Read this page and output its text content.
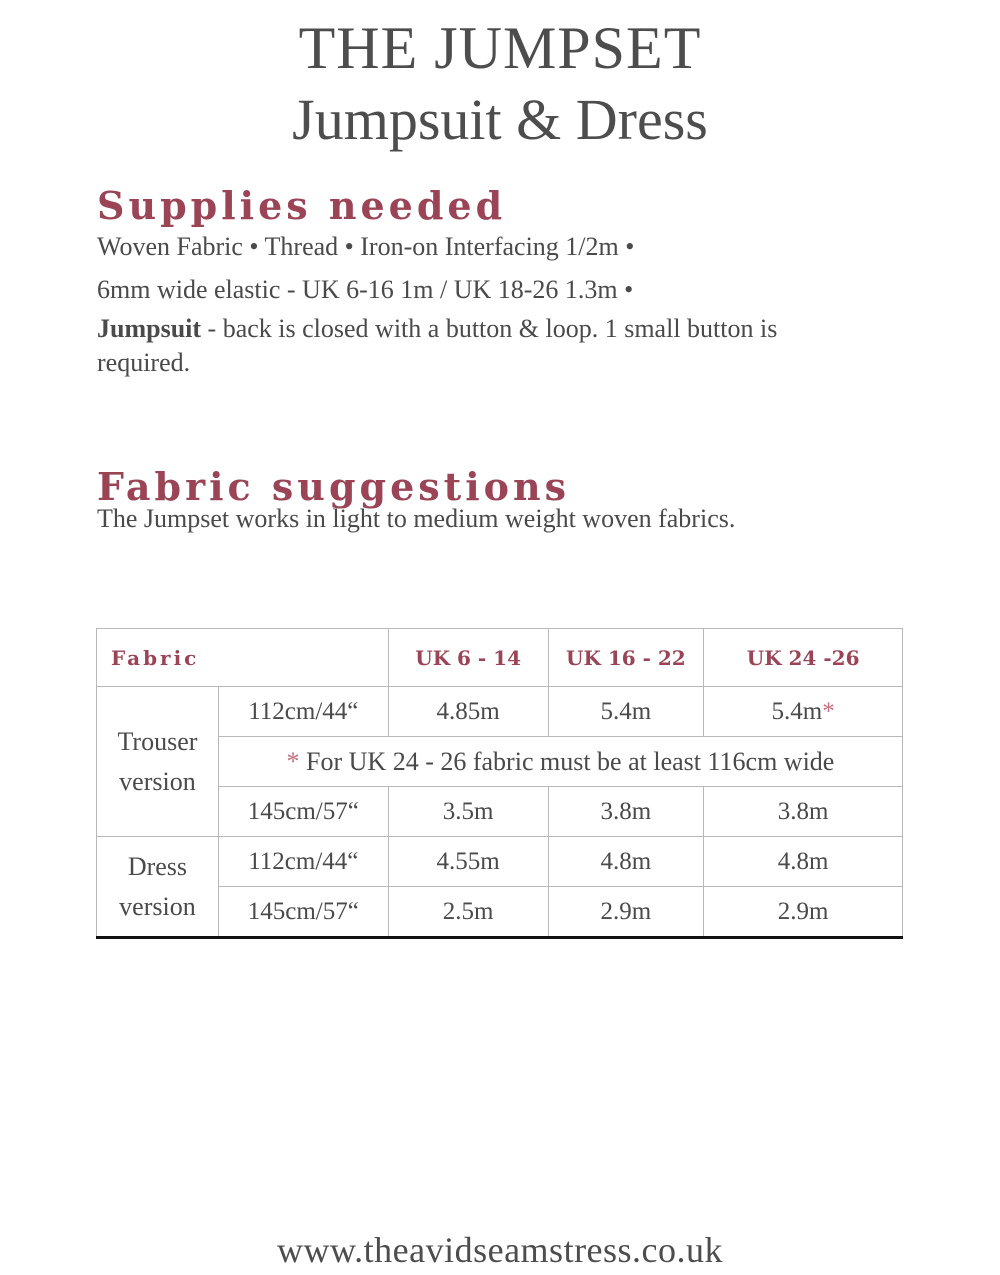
THE JUMPSET
Jumpsuit & Dress
Supplies needed

Woven Fabric • Thread • Iron-on Interfacing 1/2m •

6mm wide elastic - UK 6-16 1m / UK 18-26 1.3m •

Jumpsuit - back is closed with a button & loop. 1 small button is required.

Fabric suggestions

The Jumpset works in light to medium weight woven fabrics.

Fabric		UK 6 - 14	UK 16 - 22	UK 24 -26
Trouser version	112cm/44“	4.85m	5.4m	5.4m*
	* For UK 24 - 26 fabric must be at least 116cm wide			
	145cm/57“	3.5m	3.8m	3.8m
Dress version	112cm/44“	4.55m	4.8m	4.8m
	145cm/57“	2.5m	2.9m	2.9m
www.theavidseamstress.co.uk
